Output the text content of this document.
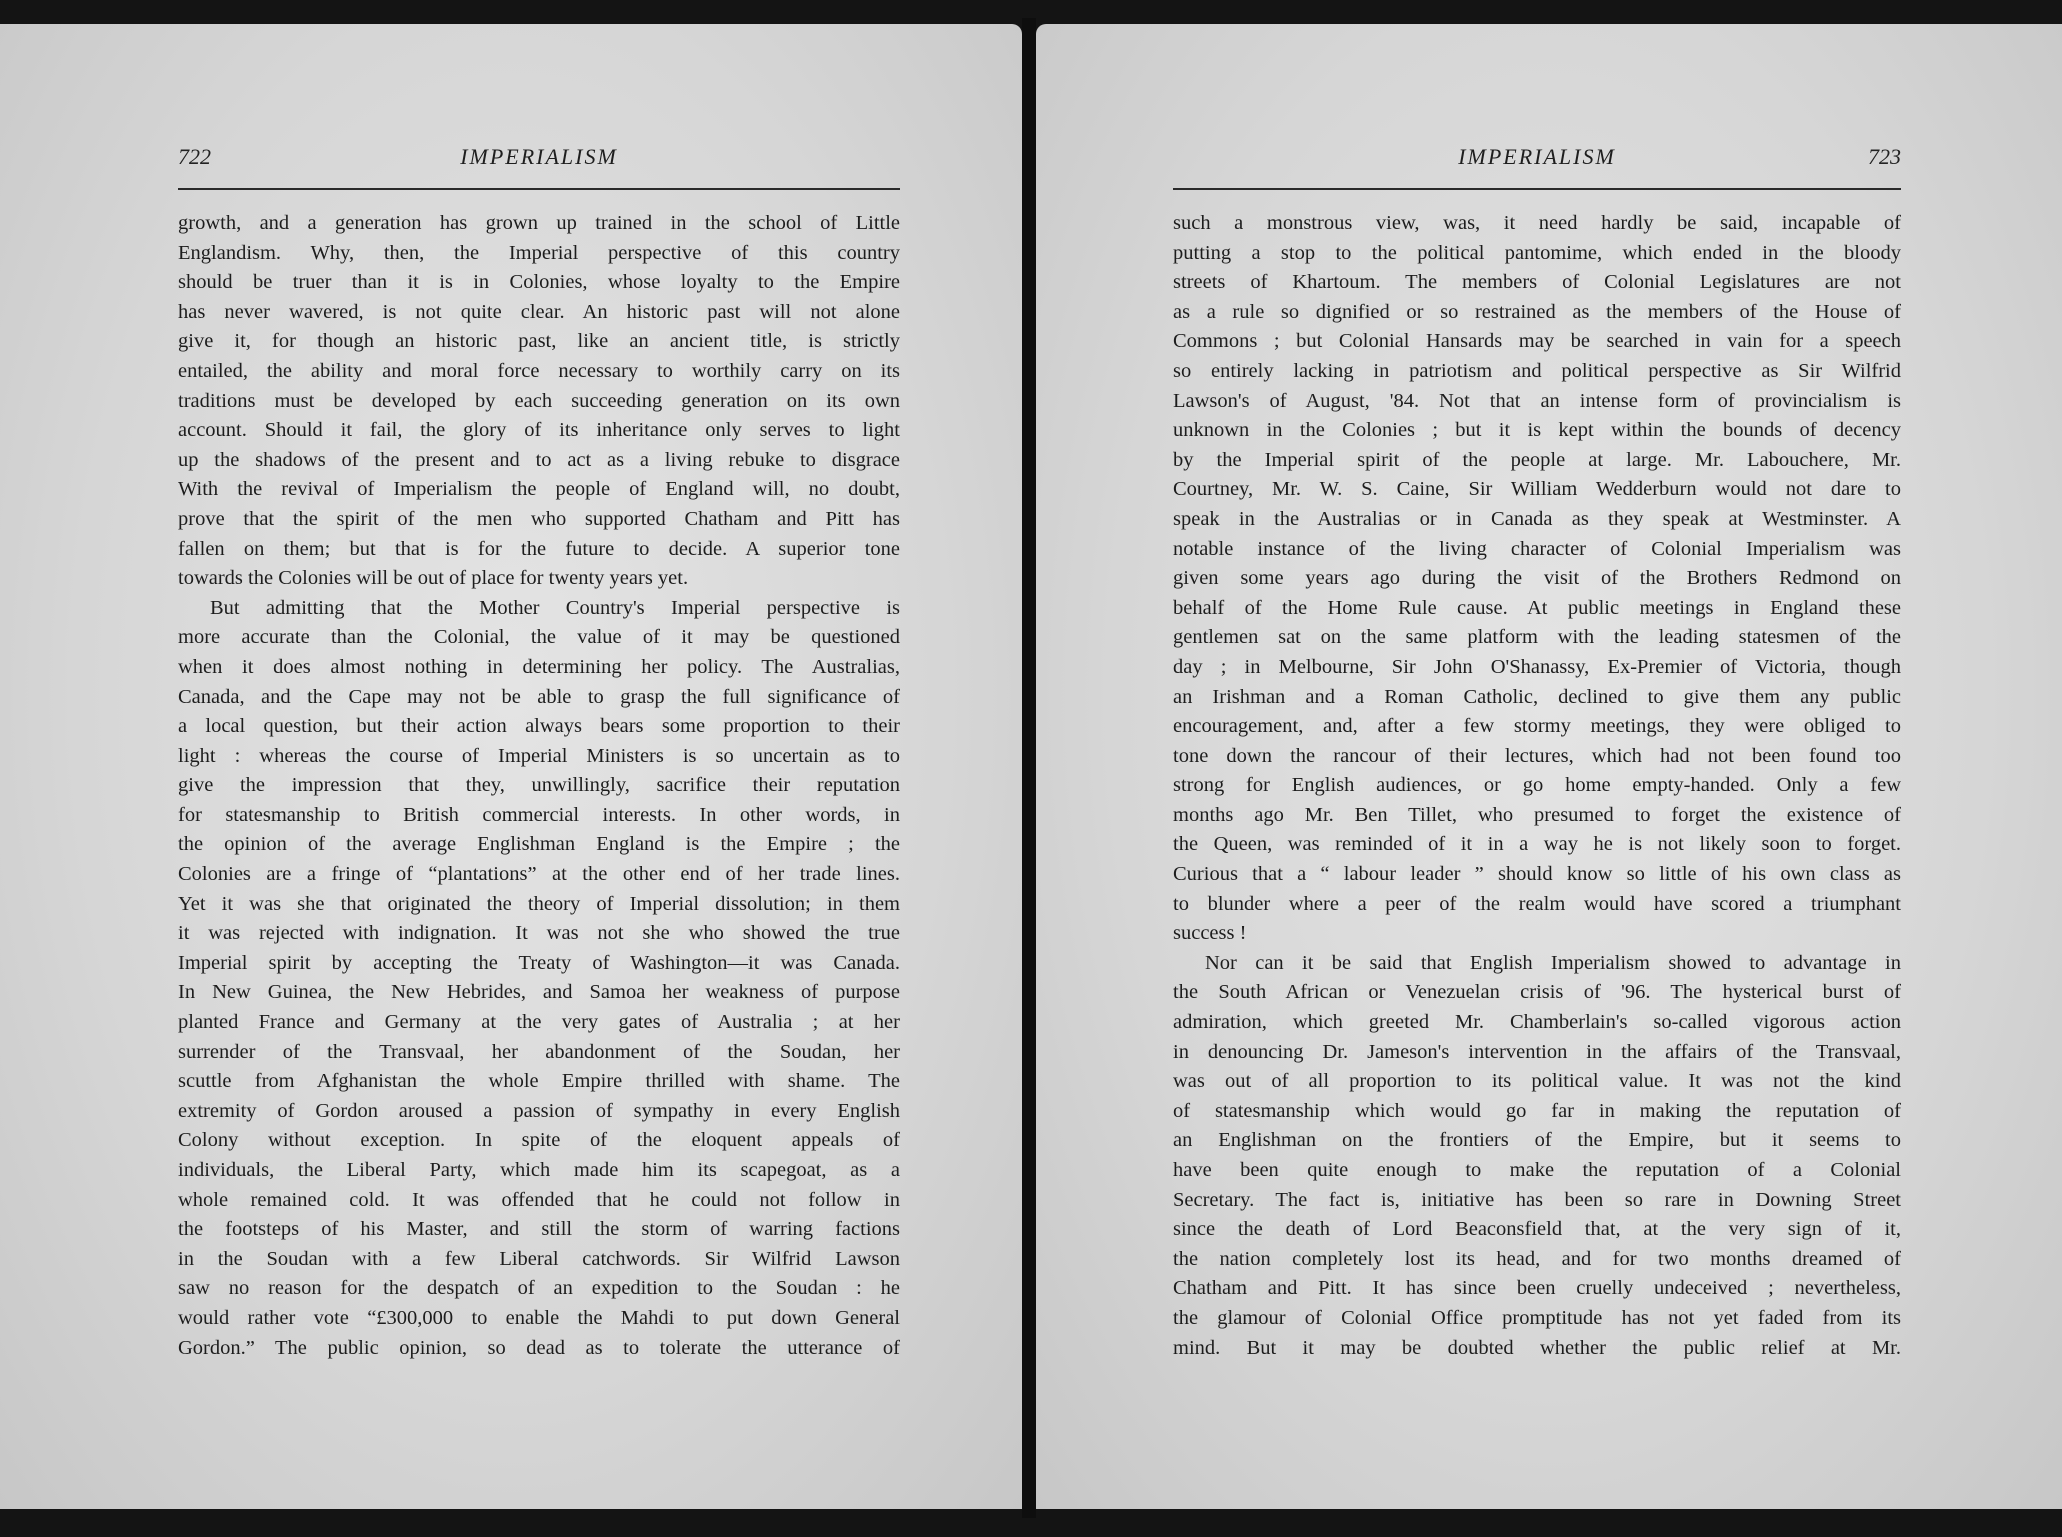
722	IMPERIALISM
growth, and a generation has grown up trained in the school of Little
Englandism. Why, then, the Imperial perspective of this country
should be truer than it is in Colonies, whose loyalty to the Empire
has never wavered, is not quite clear. An historic past will not alone
give it, for though an historic past, like an ancient title, is strictly
entailed, the ability and moral force necessary to worthily carry on its
traditions must be developed by each succeeding generation on its own
account. Should it fail, the glory of its inheritance only serves to light
up the shadows of the present and to act as a living rebuke to disgrace
With the revival of Imperialism the people of England will, no doubt,
prove that the spirit of the men who supported Chatham and Pitt has
fallen on them; but that is for the future to decide. A superior tone
towards the Colonies will be out of place for twenty years yet.
But admitting that the Mother Country's Imperial perspective is
more accurate than the Colonial, the value of it may be questioned
when it does almost nothing in determining her policy. The Australias,
Canada, and the Cape may not be able to grasp the full significance of
a local question, but their action always bears some proportion to their
light : whereas the course of Imperial Ministers is so uncertain as to
give the impression that they, unwillingly, sacrifice their reputation
for statesmanship to British commercial interests. In other words, in
the opinion of the average Englishman England is the Empire ; the
Colonies are a fringe of “plantations” at the other end of her trade lines.
Yet it was she that originated the theory of Imperial dissolution; in them
it was rejected with indignation. It was not she who showed the true
Imperial spirit by accepting the Treaty of Washington—it was Canada.
In New Guinea, the New Hebrides, and Samoa her weakness of purpose
planted France and Germany at the very gates of Australia ; at her
surrender of the Transvaal, her abandonment of the Soudan, her
scuttle from Afghanistan the whole Empire thrilled with shame. The
extremity of Gordon aroused a passion of sympathy in every English
Colony without exception. In spite of the eloquent appeals of
individuals, the Liberal Party, which made him its scapegoat, as a
whole remained cold. It was offended that he could not follow in
the footsteps of his Master, and still the storm of warring factions
in the Soudan with a few Liberal catchwords. Sir Wilfrid Lawson
saw no reason for the despatch of an expedition to the Soudan : he
would rather vote “£300,000 to enable the Mahdi to put down General
Gordon.” The public opinion, so dead as to tolerate the utterance of
IMPERIALISM	723
such a monstrous view, was, it need hardly be said, incapable of
putting a stop to the political pantomime, which ended in the bloody
streets of Khartoum. The members of Colonial Legislatures are not
as a rule so dignified or so restrained as the members of the House of
Commons ; but Colonial Hansards may be searched in vain for a speech
so entirely lacking in patriotism and political perspective as Sir Wilfrid
Lawson's of August, '84. Not that an intense form of provincialism is
unknown in the Colonies ; but it is kept within the bounds of decency
by the Imperial spirit of the people at large. Mr. Labouchere, Mr.
Courtney, Mr. W. S. Caine, Sir William Wedderburn would not dare to
speak in the Australias or in Canada as they speak at Westminster. A
notable instance of the living character of Colonial Imperialism was
given some years ago during the visit of the Brothers Redmond on
behalf of the Home Rule cause. At public meetings in England these
gentlemen sat on the same platform with the leading statesmen of the
day ; in Melbourne, Sir John O'Shanassy, Ex-Premier of Victoria, though
an Irishman and a Roman Catholic, declined to give them any public
encouragement, and, after a few stormy meetings, they were obliged to
tone down the rancour of their lectures, which had not been found too
strong for English audiences, or go home empty-handed. Only a few
months ago Mr. Ben Tillet, who presumed to forget the existence of
the Queen, was reminded of it in a way he is not likely soon to forget.
Curious that a “ labour leader ” should know so little of his own class as
to blunder where a peer of the realm would have scored a triumphant
success !
Nor can it be said that English Imperialism showed to advantage in
the South African or Venezuelan crisis of '96. The hysterical burst of
admiration, which greeted Mr. Chamberlain's so-called vigorous action
in denouncing Dr. Jameson's intervention in the affairs of the Transvaal,
was out of all proportion to its political value. It was not the kind
of statesmanship which would go far in making the reputation of
an Englishman on the frontiers of the Empire, but it seems to
have been quite enough to make the reputation of a Colonial
Secretary. The fact is, initiative has been so rare in Downing Street
since the death of Lord Beaconsfield that, at the very sign of it,
the nation completely lost its head, and for two months dreamed of
Chatham and Pitt. It has since been cruelly undeceived ; nevertheless,
the glamour of Colonial Office promptitude has not yet faded from its
mind. But it may be doubted whether the public relief at Mr.
